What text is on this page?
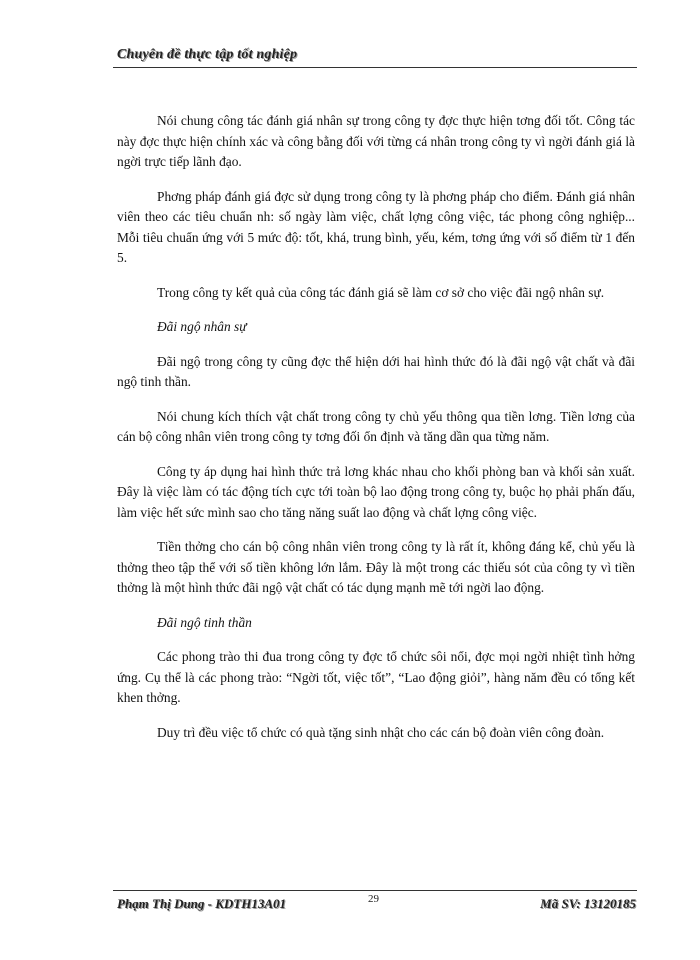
Chuyên đề thực tập tốt nghiệp

Nói chung công tác đánh giá nhân sự trong công ty đợc thực hiện tơng đối tốt. Công tác này đợc thực hiện chính xác và công bằng đối với từng cá nhân trong công ty vì ngời đánh giá là ngời trực tiếp lãnh đạo.

Phơng pháp đánh giá đợc sử dụng trong công ty là phơng pháp cho điểm. Đánh giá nhân viên theo các tiêu chuẩn nh: số ngày làm việc, chất lợng công việc, tác phong công nghiệp... Mỗi tiêu chuẩn ứng với 5 mức độ: tốt, khá, trung bình, yếu, kém, tơng ứng với số điểm từ 1 đến 5.

Trong công ty kết quả của công tác đánh giá sẽ làm cơ sở cho việc đãi ngộ nhân sự.

Đãi ngộ nhân sự

Đãi ngộ trong công ty cũng đợc thể hiện dới hai hình thức đó là đãi ngộ vật chất và đãi ngộ tinh thần.

Nói chung kích thích vật chất trong công ty chủ yếu thông qua tiền lơng. Tiền lơng của cán bộ công nhân viên trong công ty tơng đối ổn định và tăng dần qua từng năm.

Công ty áp dụng hai hình thức trả lơng khác nhau cho khối phòng ban và khối sản xuất. Đây là việc làm có tác động tích cực tới toàn bộ lao động trong công ty, buộc họ phải phấn đấu, làm việc hết sức mình sao cho tăng năng suất lao động và chất lợng công việc.

Tiền thởng cho cán bộ công nhân viên trong công ty là rất ít, không đáng kể, chủ yếu là thởng theo tập thể với số tiền không lớn lắm. Đây là một trong các thiếu sót của công ty vì tiền thởng là một hình thức đãi ngộ vật chất có tác dụng mạnh mẽ tới ngời lao động.

Đãi ngộ tinh thần

Các phong trào thi đua trong công ty đợc tổ chức sôi nổi, đợc mọi ngời nhiệt tình hởng ứng. Cụ thể là các phong trào: “Ngời tốt, việc tốt”, “Lao động giỏi”, hàng năm đều có tổng kết khen thởng.

Duy trì đều việc tổ chức có quà tặng sinh nhật cho các cán bộ đoàn viên công đoàn.

Phạm Thị Dung - KDTH13A01	29	Mã SV: 13120185
